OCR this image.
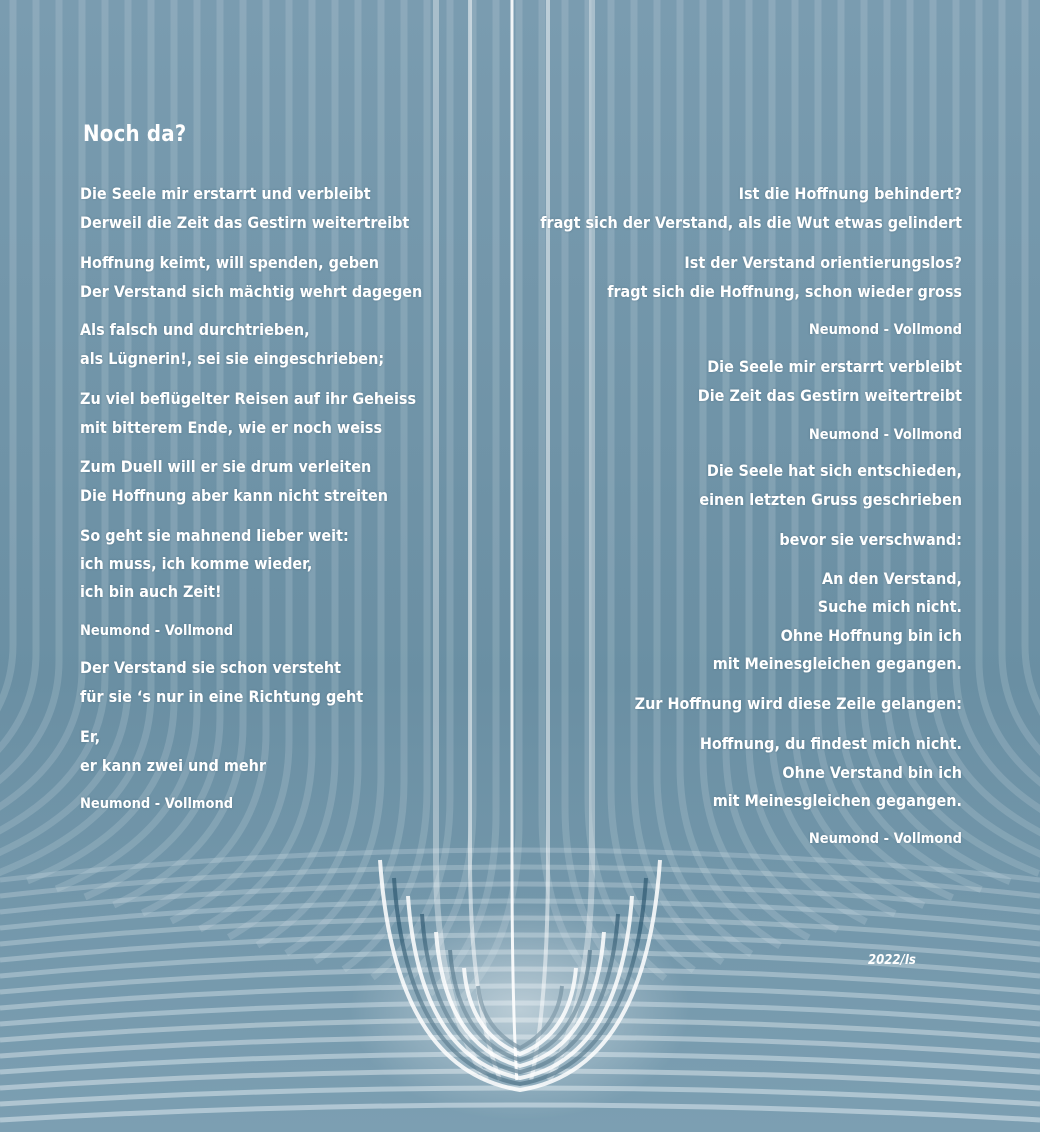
Noch da?
Die Seele mir erstarrt und verbleibt
Derweil die Zeit das Gestirn weitertreibt
Hoffnung keimt, will spenden, geben
Der Verstand sich mächtig wehrt dagegen
Als falsch und durchtrieben,
als Lügnerin!, sei sie eingeschrieben;
Zu viel beflügelter Reisen auf ihr Geheiss
mit bitterem Ende, wie er noch weiss
Zum Duell will er sie drum verleiten
Die Hoffnung aber kann nicht streiten
So geht sie mahnend lieber weit:
ich muss, ich komme wieder,
ich bin auch Zeit!
Neumond - Vollmond
Der Verstand sie schon versteht
für sie ‘s nur in eine Richtung geht
Er,
er kann zwei und mehr
Neumond - Vollmond
Ist die Hoffnung behindert?
fragt sich der Verstand, als die Wut etwas gelindert
Ist der Verstand orientierungslos?
fragt sich die Hoffnung, schon wieder gross
Neumond - Vollmond
Die Seele mir erstarrt verbleibt
Die Zeit das Gestirn weitertreibt
Neumond - Vollmond
Die Seele hat sich entschieden,
einen letzten Gruss geschrieben
bevor sie verschwand:
An den Verstand,
Suche mich nicht.
Ohne Hoffnung bin ich
mit Meinesgleichen gegangen.
Zur Hoffnung wird diese Zeile gelangen:
Hoffnung, du findest mich nicht.
Ohne Verstand bin ich
mit Meinesgleichen gegangen.
Neumond - Vollmond
2022/ls
